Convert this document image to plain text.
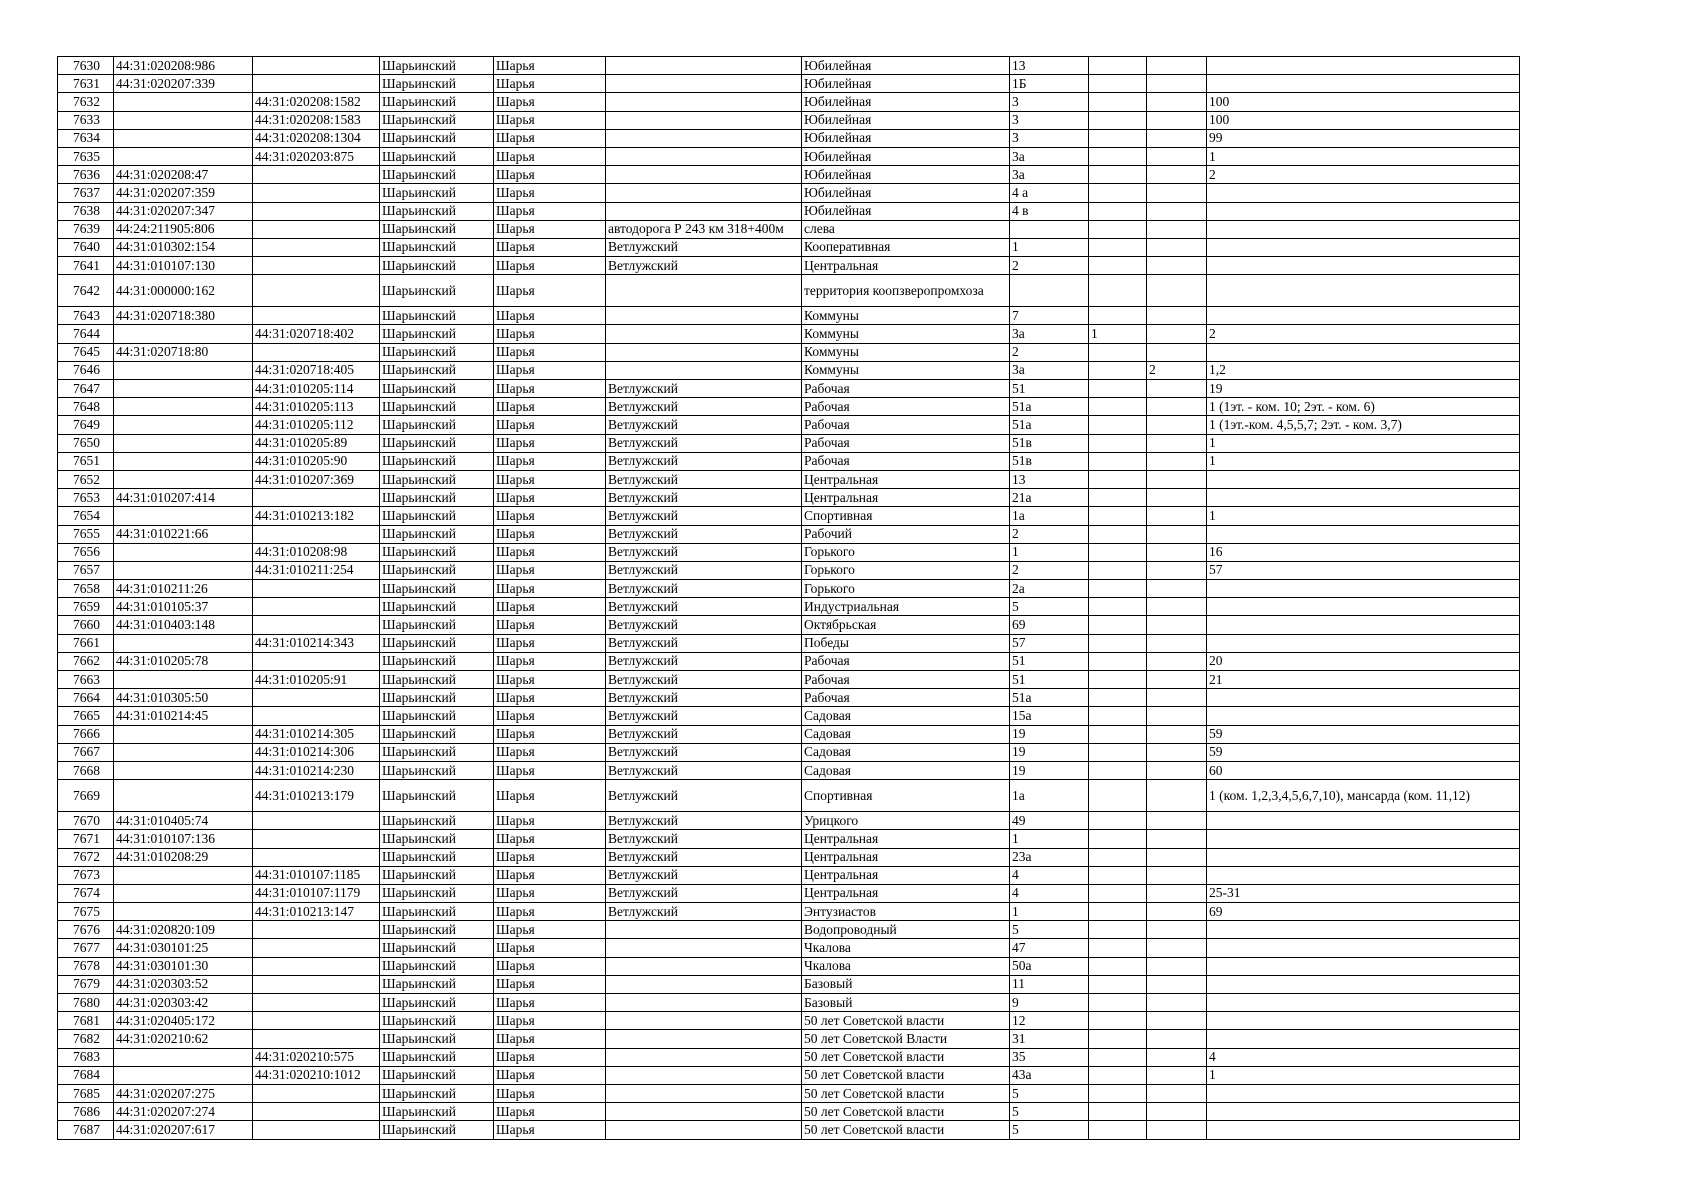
7630	44:31:020208:986		Шарьинский	Шарья		Юбилейная	13			
7631	44:31:020207:339		Шарьинский	Шарья		Юбилейная	1Б			
7632		44:31:020208:1582	Шарьинский	Шарья		Юбилейная	3			100
7633		44:31:020208:1583	Шарьинский	Шарья		Юбилейная	3			100
7634		44:31:020208:1304	Шарьинский	Шарья		Юбилейная	3			99
7635		44:31:020203:875	Шарьинский	Шарья		Юбилейная	3а			1
7636	44:31:020208:47		Шарьинский	Шарья		Юбилейная	3а			2
7637	44:31:020207:359		Шарьинский	Шарья		Юбилейная	4 а			
7638	44:31:020207:347		Шарьинский	Шарья		Юбилейная	4 в			
7639	44:24:211905:806		Шарьинский	Шарья	автодорога Р 243 км 318+400м	слева				
7640	44:31:010302:154		Шарьинский	Шарья	Ветлужский	Кооперативная	1			
7641	44:31:010107:130		Шарьинский	Шарья	Ветлужский	Центральная	2			
7642	44:31:000000:162		Шарьинский	Шарья		территория коопзверопромхоза				
7643	44:31:020718:380		Шарьинский	Шарья		Коммуны	7			
7644		44:31:020718:402	Шарьинский	Шарья		Коммуны	3а	1		2
7645	44:31:020718:80		Шарьинский	Шарья		Коммуны	2			
7646		44:31:020718:405	Шарьинский	Шарья		Коммуны	3а		2	1,2
7647		44:31:010205:114	Шарьинский	Шарья	Ветлужский	Рабочая	51			19
7648		44:31:010205:113	Шарьинский	Шарья	Ветлужский	Рабочая	51а			1 (1эт. - ком. 10; 2эт. - ком. 6)
7649		44:31:010205:112	Шарьинский	Шарья	Ветлужский	Рабочая	51а			1 (1эт.-ком. 4,5,5,7; 2эт. - ком. 3,7)
7650		44:31:010205:89	Шарьинский	Шарья	Ветлужский	Рабочая	51в			1
7651		44:31:010205:90	Шарьинский	Шарья	Ветлужский	Рабочая	51в			1
7652		44:31:010207:369	Шарьинский	Шарья	Ветлужский	Центральная	13			
7653	44:31:010207:414		Шарьинский	Шарья	Ветлужский	Центральная	21а			
7654		44:31:010213:182	Шарьинский	Шарья	Ветлужский	Спортивная	1а			1
7655	44:31:010221:66		Шарьинский	Шарья	Ветлужский	Рабочий	2			
7656		44:31:010208:98	Шарьинский	Шарья	Ветлужский	Горького	1			16
7657		44:31:010211:254	Шарьинский	Шарья	Ветлужский	Горького	2			57
7658	44:31:010211:26		Шарьинский	Шарья	Ветлужский	Горького	2а			
7659	44:31:010105:37		Шарьинский	Шарья	Ветлужский	Индустриальная	5			
7660	44:31:010403:148		Шарьинский	Шарья	Ветлужский	Октябрьская	69			
7661		44:31:010214:343	Шарьинский	Шарья	Ветлужский	Победы	57			
7662	44:31:010205:78		Шарьинский	Шарья	Ветлужский	Рабочая	51			20
7663		44:31:010205:91	Шарьинский	Шарья	Ветлужский	Рабочая	51			21
7664	44:31:010305:50		Шарьинский	Шарья	Ветлужский	Рабочая	51а			
7665	44:31:010214:45		Шарьинский	Шарья	Ветлужский	Садовая	15а			
7666		44:31:010214:305	Шарьинский	Шарья	Ветлужский	Садовая	19			59
7667		44:31:010214:306	Шарьинский	Шарья	Ветлужский	Садовая	19			59
7668		44:31:010214:230	Шарьинский	Шарья	Ветлужский	Садовая	19			60
7669		44:31:010213:179	Шарьинский	Шарья	Ветлужский	Спортивная	1а			1 (ком. 1,2,3,4,5,6,7,10), мансарда (ком. 11,12)
7670	44:31:010405:74		Шарьинский	Шарья	Ветлужский	Урицкого	49			
7671	44:31:010107:136		Шарьинский	Шарья	Ветлужский	Центральная	1			
7672	44:31:010208:29		Шарьинский	Шарья	Ветлужский	Центральная	23а			
7673		44:31:010107:1185	Шарьинский	Шарья	Ветлужский	Центральная	4			
7674		44:31:010107:1179	Шарьинский	Шарья	Ветлужский	Центральная	4			25-31
7675		44:31:010213:147	Шарьинский	Шарья	Ветлужский	Энтузиастов	1			69
7676	44:31:020820:109		Шарьинский	Шарья		Водопроводный	5			
7677	44:31:030101:25		Шарьинский	Шарья		Чкалова	47			
7678	44:31:030101:30		Шарьинский	Шарья		Чкалова	50а			
7679	44:31:020303:52		Шарьинский	Шарья		Базовый	11			
7680	44:31:020303:42		Шарьинский	Шарья		Базовый	9			
7681	44:31:020405:172		Шарьинский	Шарья		50 лет Советской власти	12			
7682	44:31:020210:62		Шарьинский	Шарья		50 лет Советской Власти	31			
7683		44:31:020210:575	Шарьинский	Шарья		50 лет Советской власти	35			4
7684		44:31:020210:1012	Шарьинский	Шарья		50 лет Советской власти	43а			1
7685	44:31:020207:275		Шарьинский	Шарья		50 лет Советской власти	5			
7686	44:31:020207:274		Шарьинский	Шарья		50 лет Советской власти	5			
7687	44:31:020207:617		Шарьинский	Шарья		50 лет Советской власти	5			
